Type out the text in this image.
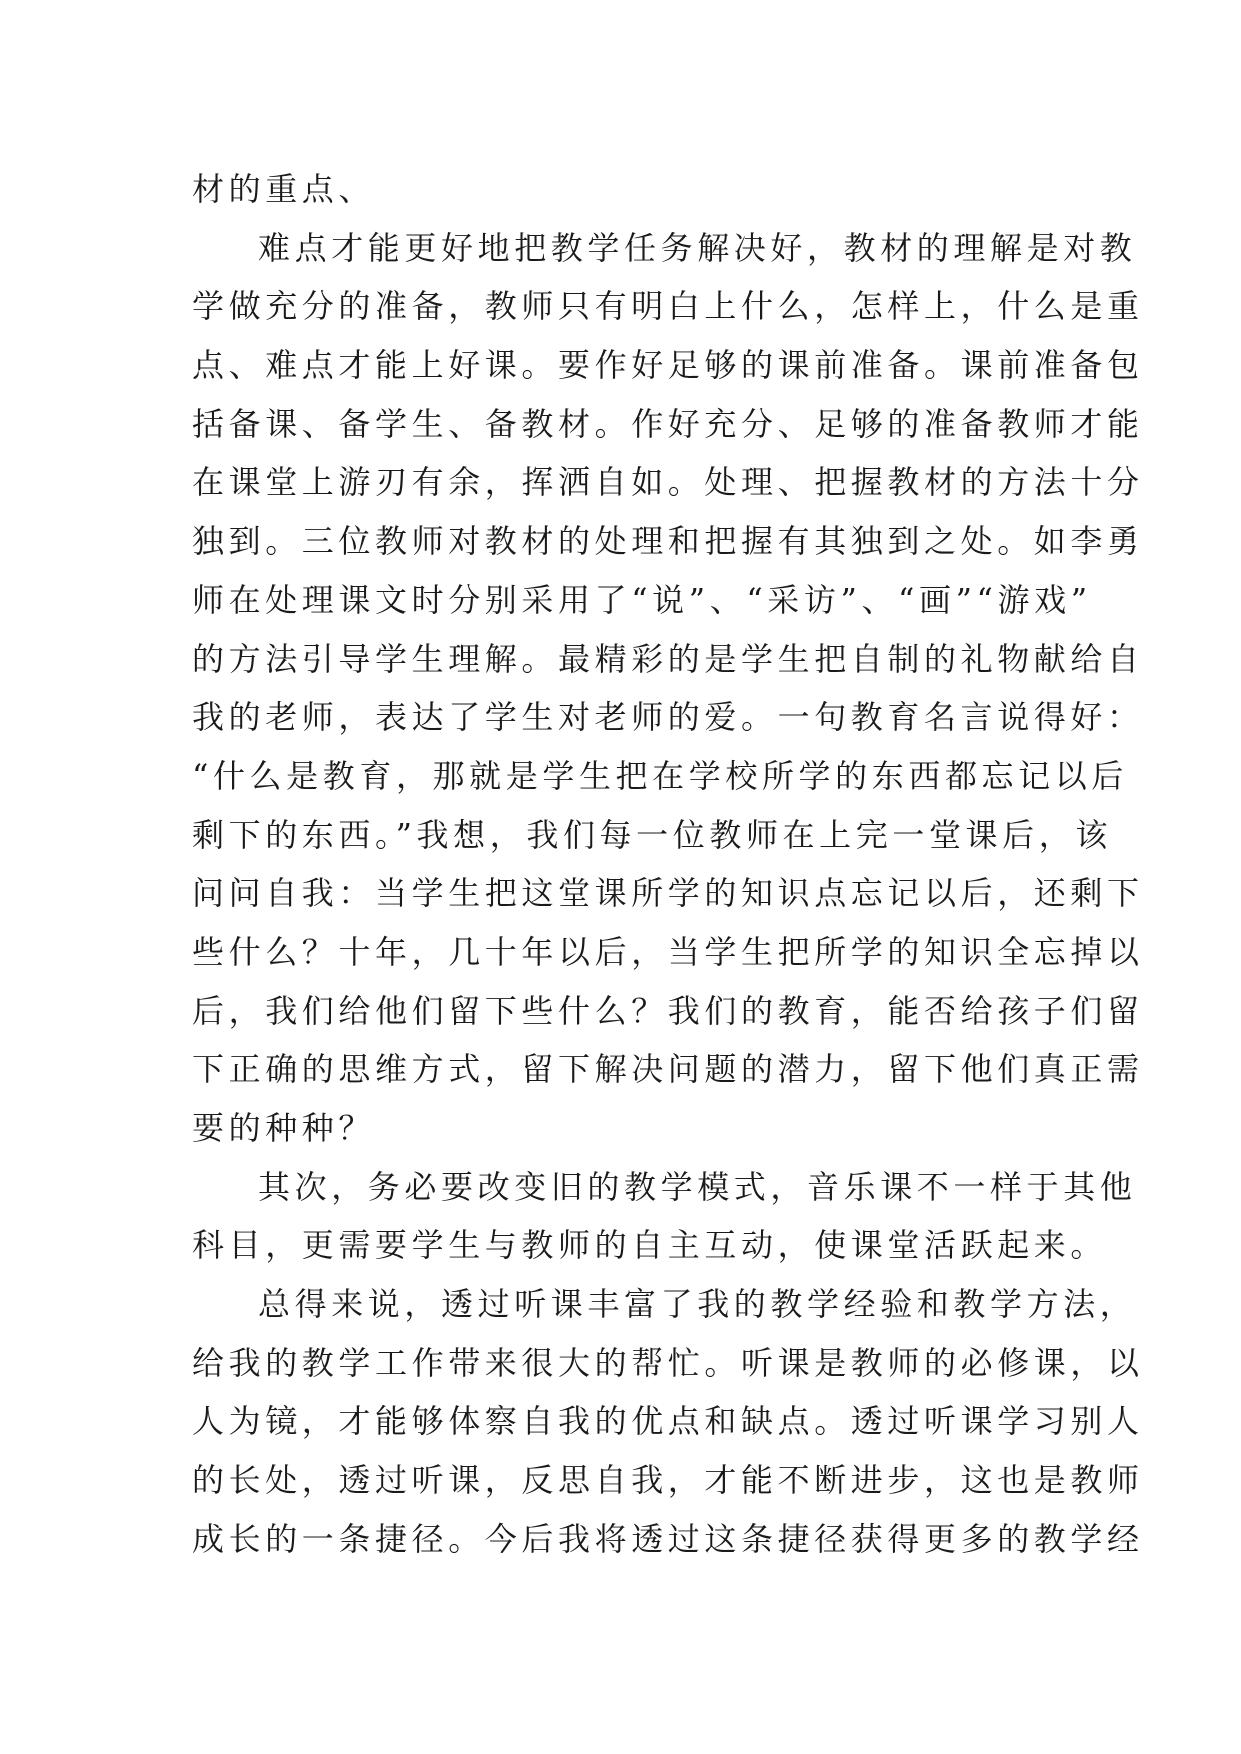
材的重点、
难点才能更好地把教学任务解决好，教材的理解是对教
学做充分的准备，教师只有明白上什么，怎样上，什么是重
点、难点才能上好课。要作好足够的课前准备。课前准备包
括备课、备学生、备教材。作好充分、足够的准备教师才能
在课堂上游刃有余，挥洒自如。处理、把握教材的方法十分
独到。三位教师对教材的处理和把握有其独到之处。如李勇
师在处理课文时分别采用了“说”、“采访”、“画”“游戏”
的方法引导学生理解。最精彩的是学生把自制的礼物献给自
我的老师，表达了学生对老师的爱。一句教育名言说得好：
“什么是教育，那就是学生把在学校所学的东西都忘记以后
剩下的东西。”我想，我们每一位教师在上完一堂课后，该
问问自我：当学生把这堂课所学的知识点忘记以后，还剩下
些什么？十年，几十年以后，当学生把所学的知识全忘掉以
后，我们给他们留下些什么？我们的教育，能否给孩子们留
下正确的思维方式，留下解决问题的潜力，留下他们真正需
要的种种？
其次，务必要改变旧的教学模式，音乐课不一样于其他
科目，更需要学生与教师的自主互动，使课堂活跃起来。
总得来说，透过听课丰富了我的教学经验和教学方法，
给我的教学工作带来很大的帮忙。听课是教师的必修课，以
人为镜，才能够体察自我的优点和缺点。透过听课学习别人
的长处，透过听课，反思自我，才能不断进步，这也是教师
成长的一条捷径。今后我将透过这条捷径获得更多的教学经
